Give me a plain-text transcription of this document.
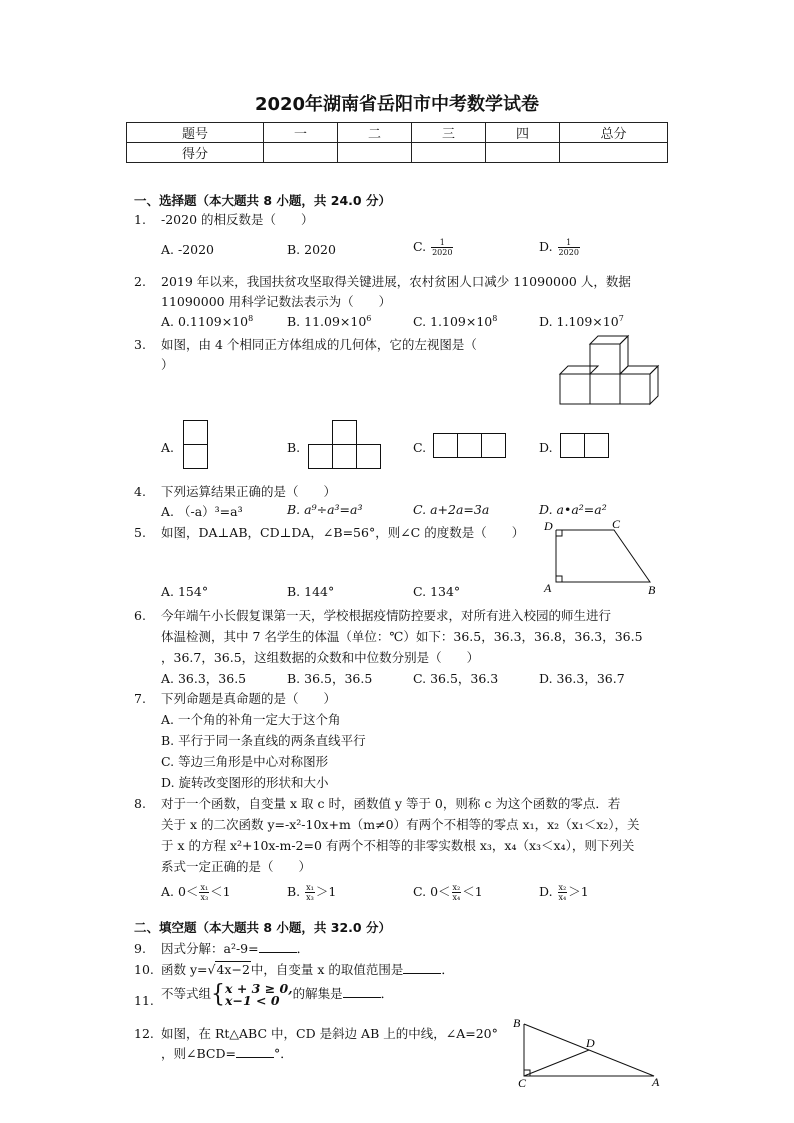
2020年湖南省岳阳市中考数学试卷
题号	一	二	三	四	总分
得分					
一、选择题（本大题共 8 小题，共 24.0 分）
1. -2020 的相反数是（　　）
A. -2020	B. 2020	C. $\frac{1}{2020}$	D. $\frac{1}{2020}$
2. 2019 年以来，我国扶贫攻坚取得关键进展，农村贫困人口减少 11090000 人，数据
11090000 用科学记数法表示为（　　）
A. $0.1109\times 10^8$	B. $11.09\times 10^6$	C. $1.109\times 10^8$	D. $1.109\times 10^7$
3. 如图，由 4 个相同正方体组成的几何体，它的左视图是（
）
A.	B.	C.	D.
4. 下列运算结果正确的是（　　）
A. （-a）³=a³	B. a⁹÷a³=a³	C. a+2a=3a	D. a•a²=a²
5. 如图，DA⊥AB，CD⊥DA，∠B=56°，则∠C 的度数是（　　）
A. 154°	B. 144°	C. 134°
D	C
A	B
6. 今年端午小长假复课第一天，学校根据疫情防控要求，对所有进入校园的师生进行
体温检测，其中 7 名学生的体温（单位：℃）如下：36.5，36.3，36.8，36.3，36.5
，36.7，36.5，这组数据的众数和中位数分别是（　　）
A. 36.3，36.5	B. 36.5，36.5	C. 36.5，36.3	D. 36.3，36.7
7. 下列命题是真命题的是（　　）
A. 一个角的补角一定大于这个角
B. 平行于同一条直线的两条直线平行
C. 等边三角形是中心对称图形
D. 旋转改变图形的形状和大小
8. 对于一个函数，自变量 x 取 c 时，函数值 y 等于 0，则称 c 为这个函数的零点．若
关于 x 的二次函数 y=-x²-10x+m（m≠0）有两个不相等的零点 x₁，x₂（x₁＜x₂），关
于 x 的方程 x²+10x-m-2=0 有两个不相等的非零实数根 x₃，x₄（x₃＜x₄），则下列关
系式一定正确的是（　　）
A. $0< \frac{\text{x₁}}{\text{x₃}} <1$	B. $\frac{\text{x₁}}{\text{x₃}} >1$	C. $0< \frac{\text{x₂}}{\text{x₄}} <1$	D. $\frac{\text{x₂}}{\text{x₄}} >1$
二、填空题（本大题共 8 小题，共 32.0 分）
9. 因式分解：a²-9=	．
10. 函数 y=√4x−2中，自变量 x 的取值范围是	．
11. 不等式组{x + 3 ≥ 0,
x−1 < 0 的解集是	．
12. 如图，在 Rt△ABC 中，CD 是斜边 AB 上的中线，∠A=20°
，则∠BCD=	°．
B
D
C	A
